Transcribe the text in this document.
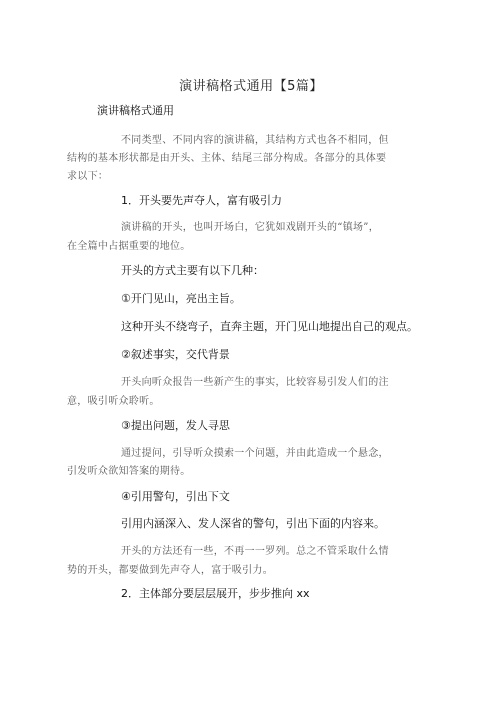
演讲稿格式通用【5篇】
演讲稿格式通用
不同类型、不同内容的演讲稿，其结构方式也各不相同，但
结构的基本形状都是由开头、主体、结尾三部分构成。各部分的具体要
求以下：
1．开头要先声夺人，富有吸引力
演讲稿的开头，也叫开场白，它犹如戏剧开头的“镇场”，
在全篇中占据重要的地位。
开头的方式主要有以下几种：
①开门见山，亮出主旨。
这种开头不绕弯子，直奔主题，开门见山地提出自己的观点。
②叙述事实，交代背景
开头向听众报告一些新产生的事实，比较容易引发人们的注
意，吸引听众聆听。
③提出问题，发人寻思
通过提问，引导听众摸索一个问题，并由此造成一个悬念，
引发听众欲知答案的期待。
④引用警句，引出下文
引用内涵深入、发人深省的警句，引出下面的内容来。
开头的方法还有一些，不再一一罗列。总之不管采取什么情
势的开头，都要做到先声夺人，富于吸引力。
2．主体部分要层层展开，步步推向 xx
